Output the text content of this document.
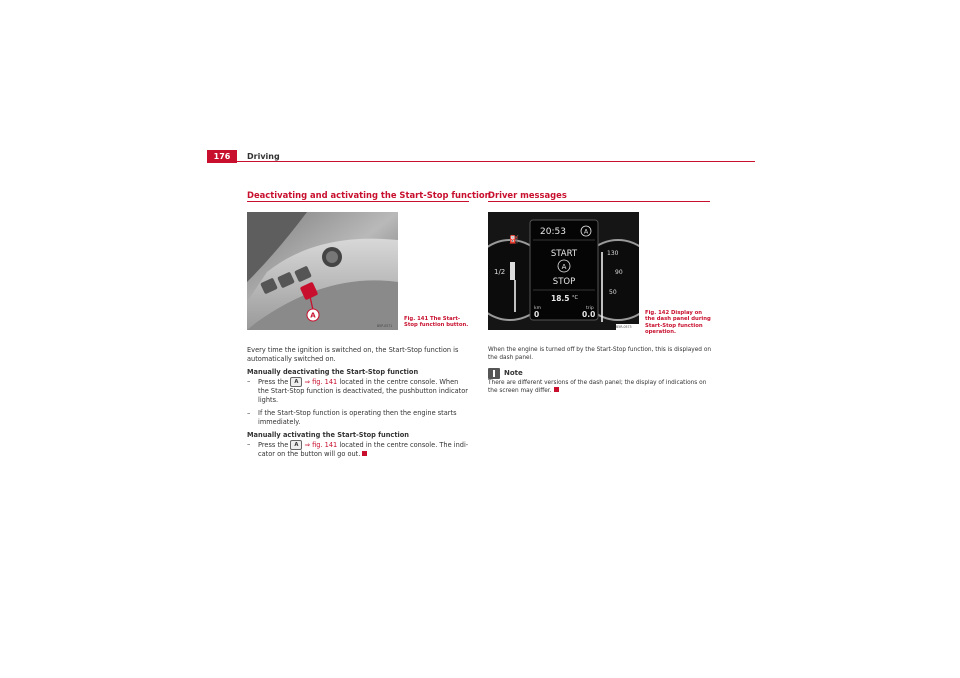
176	Driving
Deactivating and activating the Start-Stop function
A
B5P-0571
Fig. 141 The Start-Stop function button.

Every time the ignition is switched on, the Start-Stop function is automatically switched on.

Manually deactivating the Start-Stop function

– Press the A ⇒ fig. 141 located in the centre console. When the Start-Stop function is deactivated, the pushbutton indicator lights.
– If the Start-Stop function is operating then the engine starts immediately.

Manually activating the Start-Stop function

– Press the A ⇒ fig. 141 located in the centre console. The indi-cator on the button will go out.
Driver messages
1/2
⛽
130
90
50
20:53	A
START
A
STOP
18.5 °C
km	trip
0	0.0
B5R-0573
Fig. 142 Display on the dash panel during Start-Stop function operation.

When the engine is turned off by the Start-Stop function, this is displayed on the dash panel.

Note

There are different versions of the dash panel; the display of indications on the screen may differ.
